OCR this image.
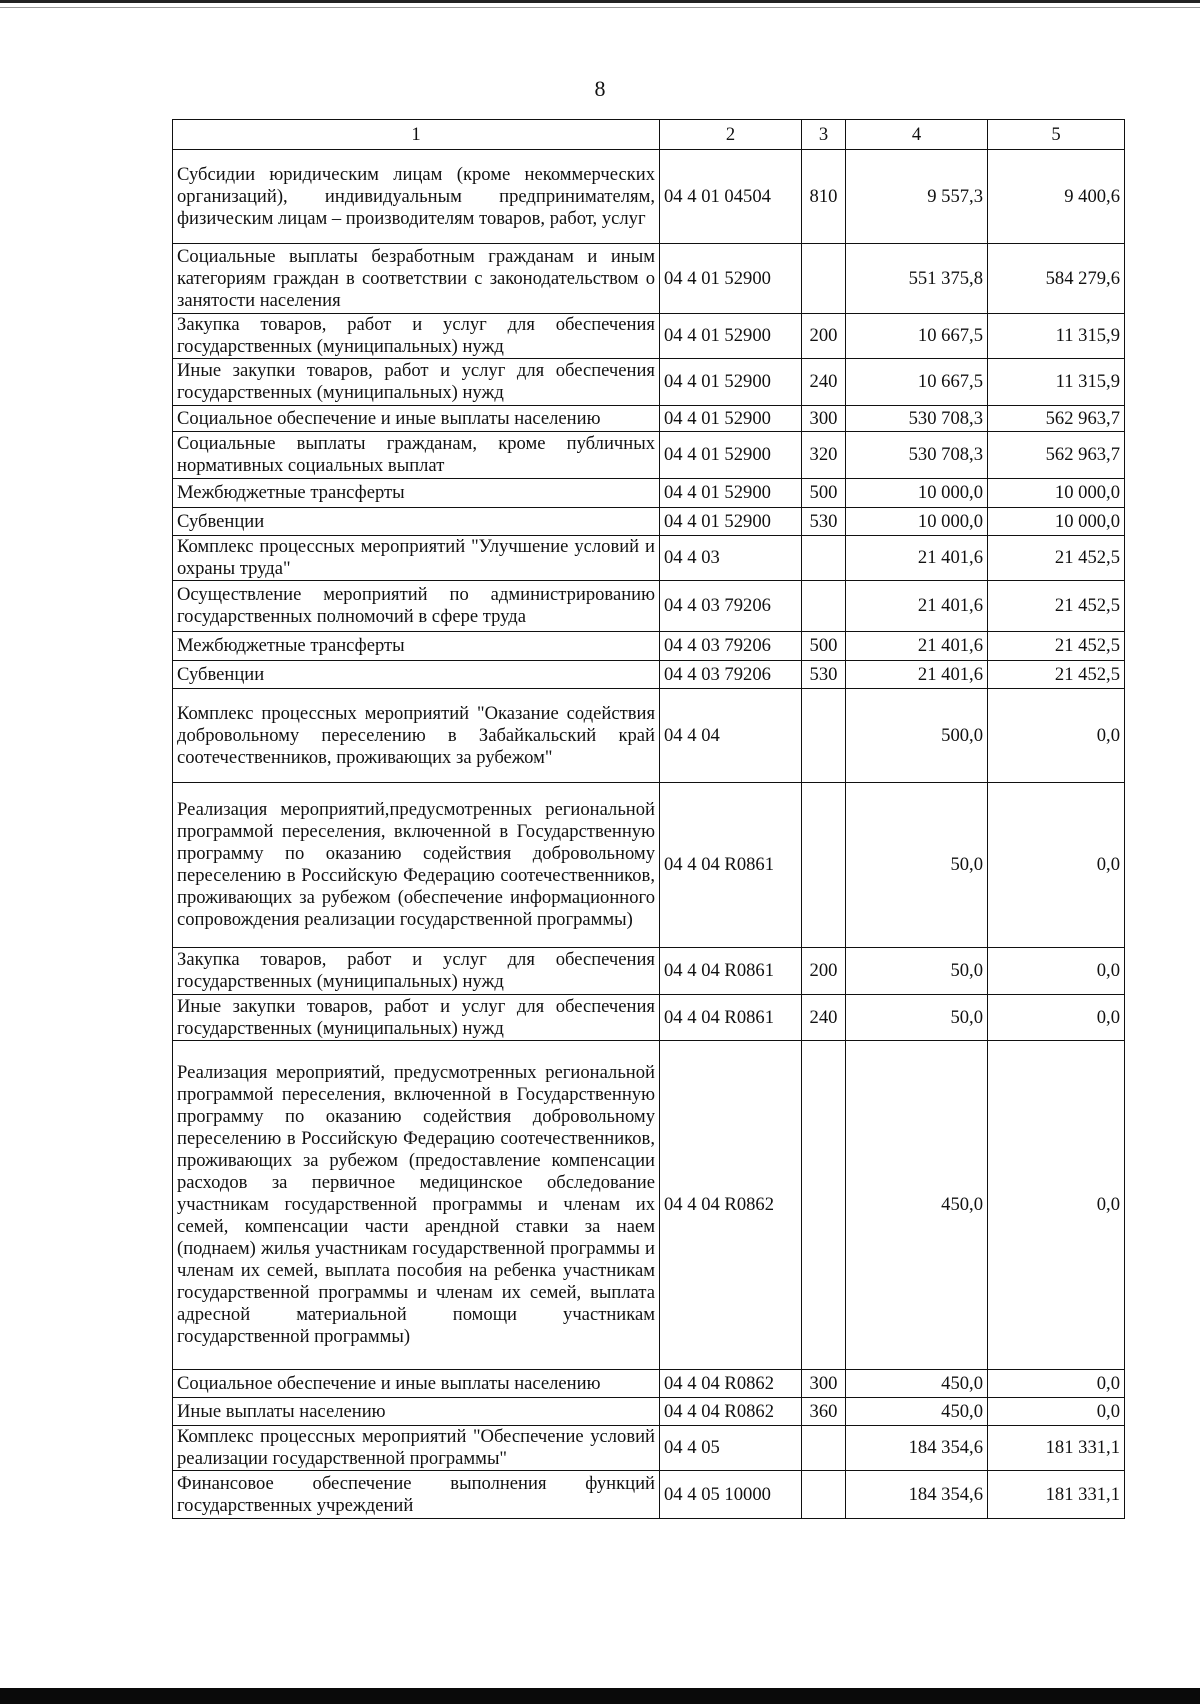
8
1	2	3	4	5
Субсидии юридическим лицам (кроме некоммерческих организаций), индивидуальным предпринимателям, физическим лицам – производителям товаров, работ, услуг	04 4 01 04504	810	9 557,3	9 400,6
Социальные выплаты безработным гражданам и иным категориям граждан в соответствии с законодательством о занятости населения	04 4 01 52900		551 375,8	584 279,6
Закупка товаров, работ и услуг для обеспечения государственных (муниципальных) нужд	04 4 01 52900	200	10 667,5	11 315,9
Иные закупки товаров, работ и услуг для обеспечения государственных (муниципальных) нужд	04 4 01 52900	240	10 667,5	11 315,9
Социальное обеспечение и иные выплаты населению	04 4 01 52900	300	530 708,3	562 963,7
Социальные выплаты гражданам, кроме публичных нормативных социальных выплат	04 4 01 52900	320	530 708,3	562 963,7
Межбюджетные трансферты	04 4 01 52900	500	10 000,0	10 000,0
Субвенции	04 4 01 52900	530	10 000,0	10 000,0
Комплекс процессных мероприятий "Улучшение условий и охраны труда"	04 4 03		21 401,6	21 452,5
Осуществление мероприятий по администрированию государственных полномочий в сфере труда	04 4 03 79206		21 401,6	21 452,5
Межбюджетные трансферты	04 4 03 79206	500	21 401,6	21 452,5
Субвенции	04 4 03 79206	530	21 401,6	21 452,5
Комплекс процессных мероприятий "Оказание содействия добровольному переселению в Забайкальский край соотечественников, проживающих за рубежом"	04 4 04		500,0	0,0
Реализация мероприятий,предусмотренных региональной программой переселения, включенной в Государственную программу по оказанию содействия добровольному переселению в Российскую Федерацию соотечественников, проживающих за рубежом (обеспечение информационного сопровождения реализации государственной программы)	04 4 04 R0861		50,0	0,0
Закупка товаров, работ и услуг для обеспечения государственных (муниципальных) нужд	04 4 04 R0861	200	50,0	0,0
Иные закупки товаров, работ и услуг для обеспечения государственных (муниципальных) нужд	04 4 04 R0861	240	50,0	0,0
Реализация мероприятий, предусмотренных региональной программой переселения, включенной в Государственную программу по оказанию содействия добровольному переселению в Российскую Федерацию соотечественников, проживающих за рубежом (предоставление компенсации расходов за первичное медицинское обследование участникам государственной программы и членам их семей, компенсации части арендной ставки за наем (поднаем) жилья участникам государственной программы и членам их семей, выплата пособия на ребенка участникам государственной программы и членам их семей, выплата адресной материальной помощи участникам государственной программы)	04 4 04 R0862		450,0	0,0
Социальное обеспечение и иные выплаты населению	04 4 04 R0862	300	450,0	0,0
Иные выплаты населению	04 4 04 R0862	360	450,0	0,0
Комплекс процессных мероприятий "Обеспечение условий реализации государственной программы"	04 4 05		184 354,6	181 331,1
Финансовое обеспечение выполнения функций государственных учреждений	04 4 05 10000		184 354,6	181 331,1
